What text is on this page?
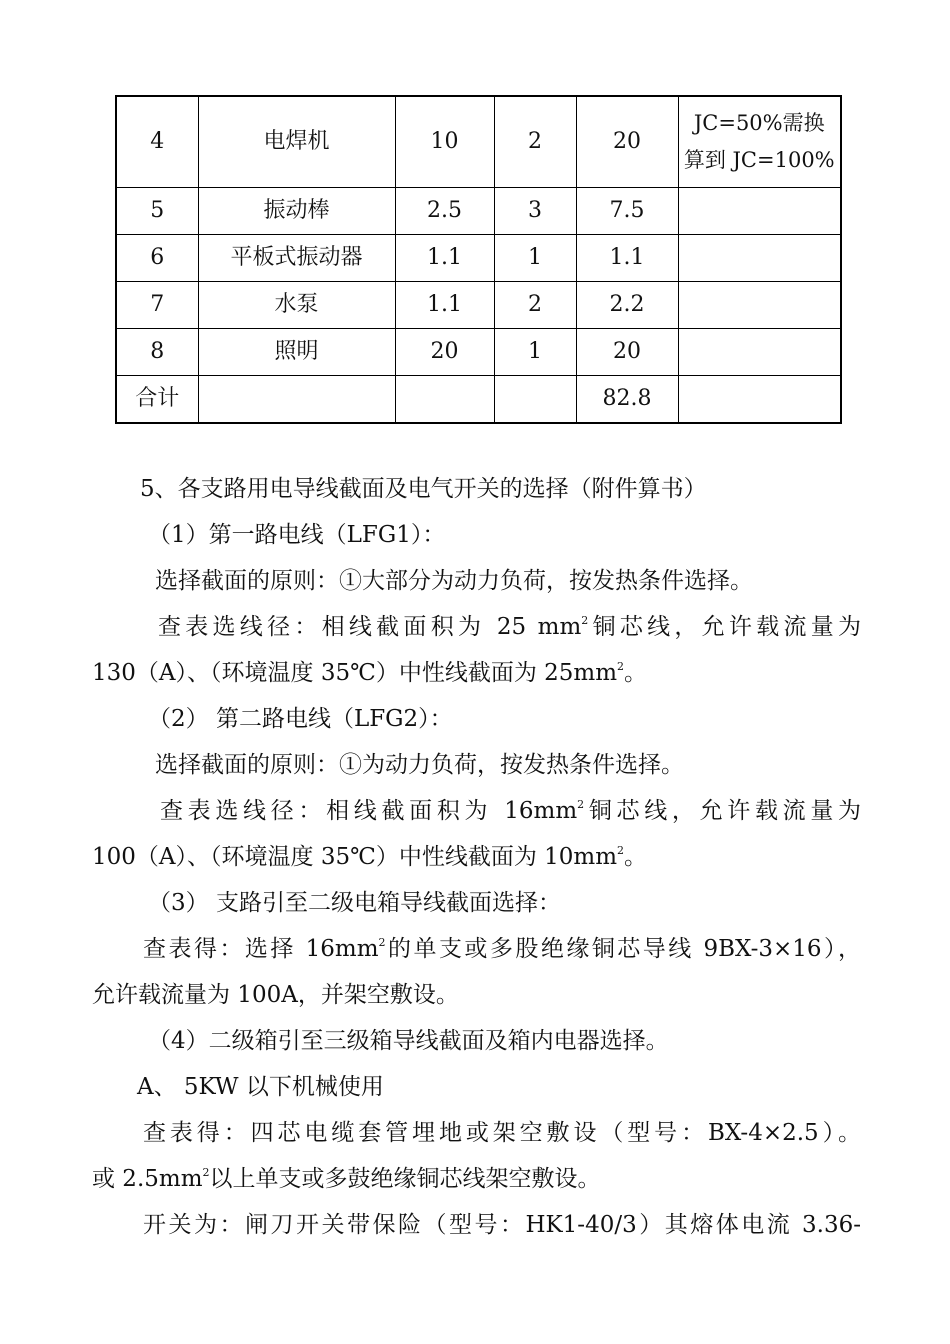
4	电焊机	10	2	20	JC=50%需换
算到 JC=100%

5	振动棒	2.5	3	7.5	
6	平板式振动器	1.1	1	1.1	
7	水泵	1.1	2	2.2	
8	照明	20	1	20	
合计				82.8	

5、各支路用电导线截面及电气开关的选择（附件算书）

（1）第一路电线（LFG1）：

选择截面的原则：①大部分为动力负荷，按发热条件选择。

查表选线径：相线截面积为 25 $mm^2$铜芯线，允许载流量为

130（A）、（环境温度 35℃）中性线截面为 $25mm^2$。

（2） 第二路电线（LFG2）：

选择截面的原则：①为动力负荷，按发热条件选择。

查表选线径：相线截面积为 $16mm^2$铜芯线，允许载流量为

100（A）、（环境温度 35℃）中性线截面为 $10mm^2$。

（3） 支路引至二级电箱导线截面选择：

查表得：选择 $16mm^2$的单支或多股绝缘铜芯导线 9BX-3×16），

允许载流量为 100A，并架空敷设。

（4）二级箱引至三级箱导线截面及箱内电器选择。

A、 5KW 以下机械使用

查表得：四芯电缆套管埋地或架空敷设（型号：BX-4×2.5）。

或 $2.5mm^2$以上单支或多鼓绝缘铜芯线架空敷设。

开关为：闸刀开关带保险（型号：HK1-40/3）其熔体电流 3.36-
